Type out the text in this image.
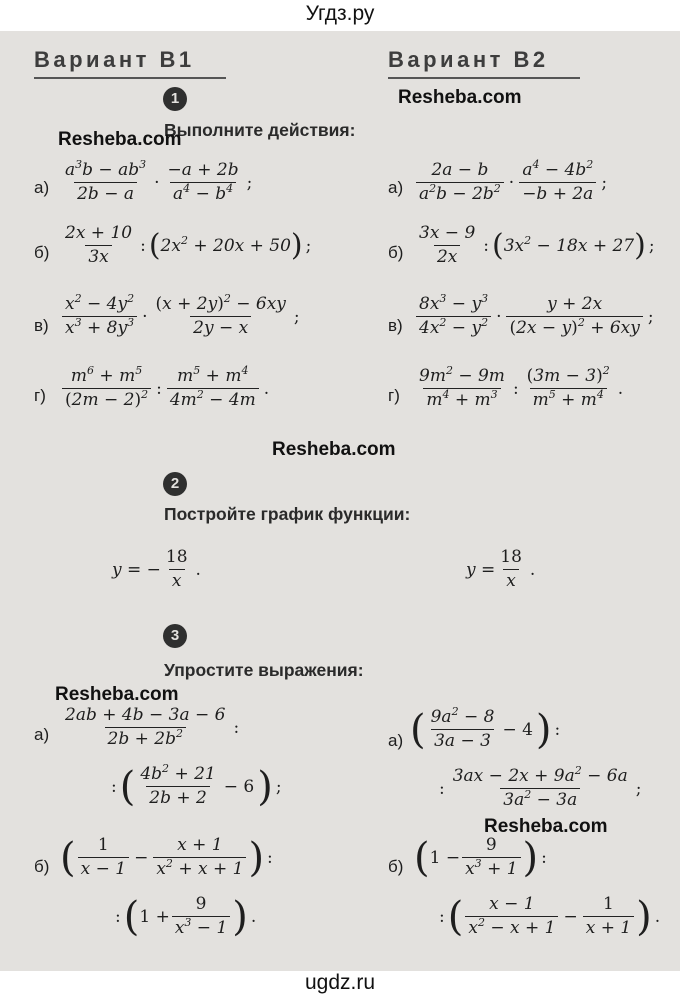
Угдз.ру
Вариант В1	Вариант В2
1	Resheba.com
Выполните действия:
Resheba.com
а)
$a^3b - ab^3$
2b − a
·
−a + 2b
$a^4 - b^4$ ;	а)
2a − b
$a^2b - 2b^2$ ·
$a^4 - 4b^2$
−b + 2a
;
б)
2x + 10
3x
: ( $2x^2 + 20x + 50$ ) ;	б)
3x − 9
2x
: ( $3x^2 - 18x + 27$ ) ;
в)
$x^2 - 4y^2$
$x^3 + 8y^3$ ·
$(x + 2y)^2 - 6xy$
2y − x
;	в)
$8x^3 - y^3$
$4x^2 - y^2$ ·
y + 2x
$(2x - y)^2 + 6xy$
;
г)
$m^6 + m^5$
$(2m - 2)^2$ :
$m^5 + m^4$
$4m^2 - 4m$
.	г)
$9m^2 - 9m$
$m^4 + m^3$ :
$(3m - 3)^2$
$m^5 + m^4$ .
Resheba.com
2
Постройте график функции:
y = − $\frac{18}{x}$ .	$y = \frac{18}{x}$ .
3
Упростите выражения:
Resheba.com
а)
2ab + 4b − 3a − 6
$2b + 2b^2$	:
: ( $4b^2 + 21$
2b + 2
− 6 ) ;
а) ( $9a^2 - 8$
3a − 3
− 4 ) :
:
$3ax - 2x + 9a^2 - 6a$
$3a^2 - 3a$
;
Resheba.com
б) ( 1
x − 1
− $\frac{x + 1}{x^2 + x + 1}$ ) :
: ( $1 + \frac{9}{x^3 - 1}$ ) .
б) ( $1 - \frac{9}{x^3 + 1}$ ) :
: ( x − 1
$x^2 - x + 1$
− $\frac{1}{x + 1}$ ) .
ugdz.ru
